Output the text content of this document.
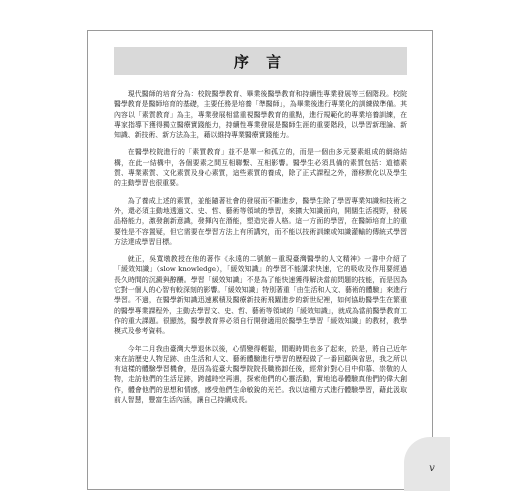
序 言

現代醫師的培育分為：校院醫學教育、畢業後醫學教育和持續性專業發展等三個階段。校院醫學教育是醫師培育的基礎，主要任務是培養「準醫師」，為畢業後進行專業化的訓練做準備。其內容以「素質教育」為主，專業發展相當重視醫學教育的重點，進行規範化的專業培養訓練，在專家指導下獲得獨立醫療實踐能力，持續性專業發展是醫師生涯的重要階段，以學習新理論、新知識、新技術、新方法為主，藉以維持專業醫療實踐能力。

在醫學校院進行的「素質教育」並不是單一和孤立的，而是一個由多元要素組成的網絡結構，在此一結構中，各個要素之間互相聯繫、互相影響。醫學生必須具備的素質包括：道德素質、專業素質、文化素質及身心素質，這些素質的養成，除了正式課程之外，潛移默化以及學生的主動學習也很重要。

為了養成上述的素質，並能隨著社會的發展而不斷進步，醫學生除了學習專業知識和技術之外，還必須主動地透過文、史、哲、藝術等領域的學習，來擴大知識面向，開闊生活視野，發展品格能力，激發創新意識，發揮內在潛能，塑造完善人格。這一方面的學習，在醫師培育上的重要性是不容置疑，但它需要在學習方法上有所講究，而不能以技術訓練或知識灌輸的傳統式學習方法達成學習目標。

就正，吳寬墩教授在他的著作《永遠的二號館－重現臺灣醫學的人文精神》一書中介紹了「緩效知識」（slow knowledge），「緩效知識」的學習不能講求快速，它的吸收及作用要經過長久時間的沉澱與醇釀。學習「緩效知識」不是為了能快速獲得解決當前問題的技能，而是因為它對一個人的心智有較深刻的影響。「緩效知識」特別著重「由生活和人文、藝術的體驗」來進行學習。不過，在醫學新知識迅速累積及醫療新技術飛躍進步的新世紀裡，如何協助醫學生在繁重的醫學專業課程外，主動去學習文、史、哲、藝術等領域的「緩效知識」，就成為當前醫學教育工作的重大課題。很顯然，醫學教育界必須自行開發適用於醫學生學習「緩效知識」的教材，教學模式及參考資料。

今年二月我由臺灣大學退休以後，心情變得輕鬆，閒暇時間也多了起來，於是，將自己近年來在訪歷史人物足跡、由生活和人文、藝術體驗進行學習的歷程做了一番回顧與省思，我之所以有這樣的體驗學習機會，是因為從臺大醫學院院長職務卸任後，經常針對心目中仰慕、崇敬的人物，走訪他們的生活足跡，跨越時空再遇，探索他們的心靈活動，實地追尋體驗真他們的偉大創作，體會他們的思想和情感，感受他們生命敏銳的光芒。我以這種方式進行體驗學習，藉此汲取前人智慧，豐富生活內涵，讓自己持續成長。

v
